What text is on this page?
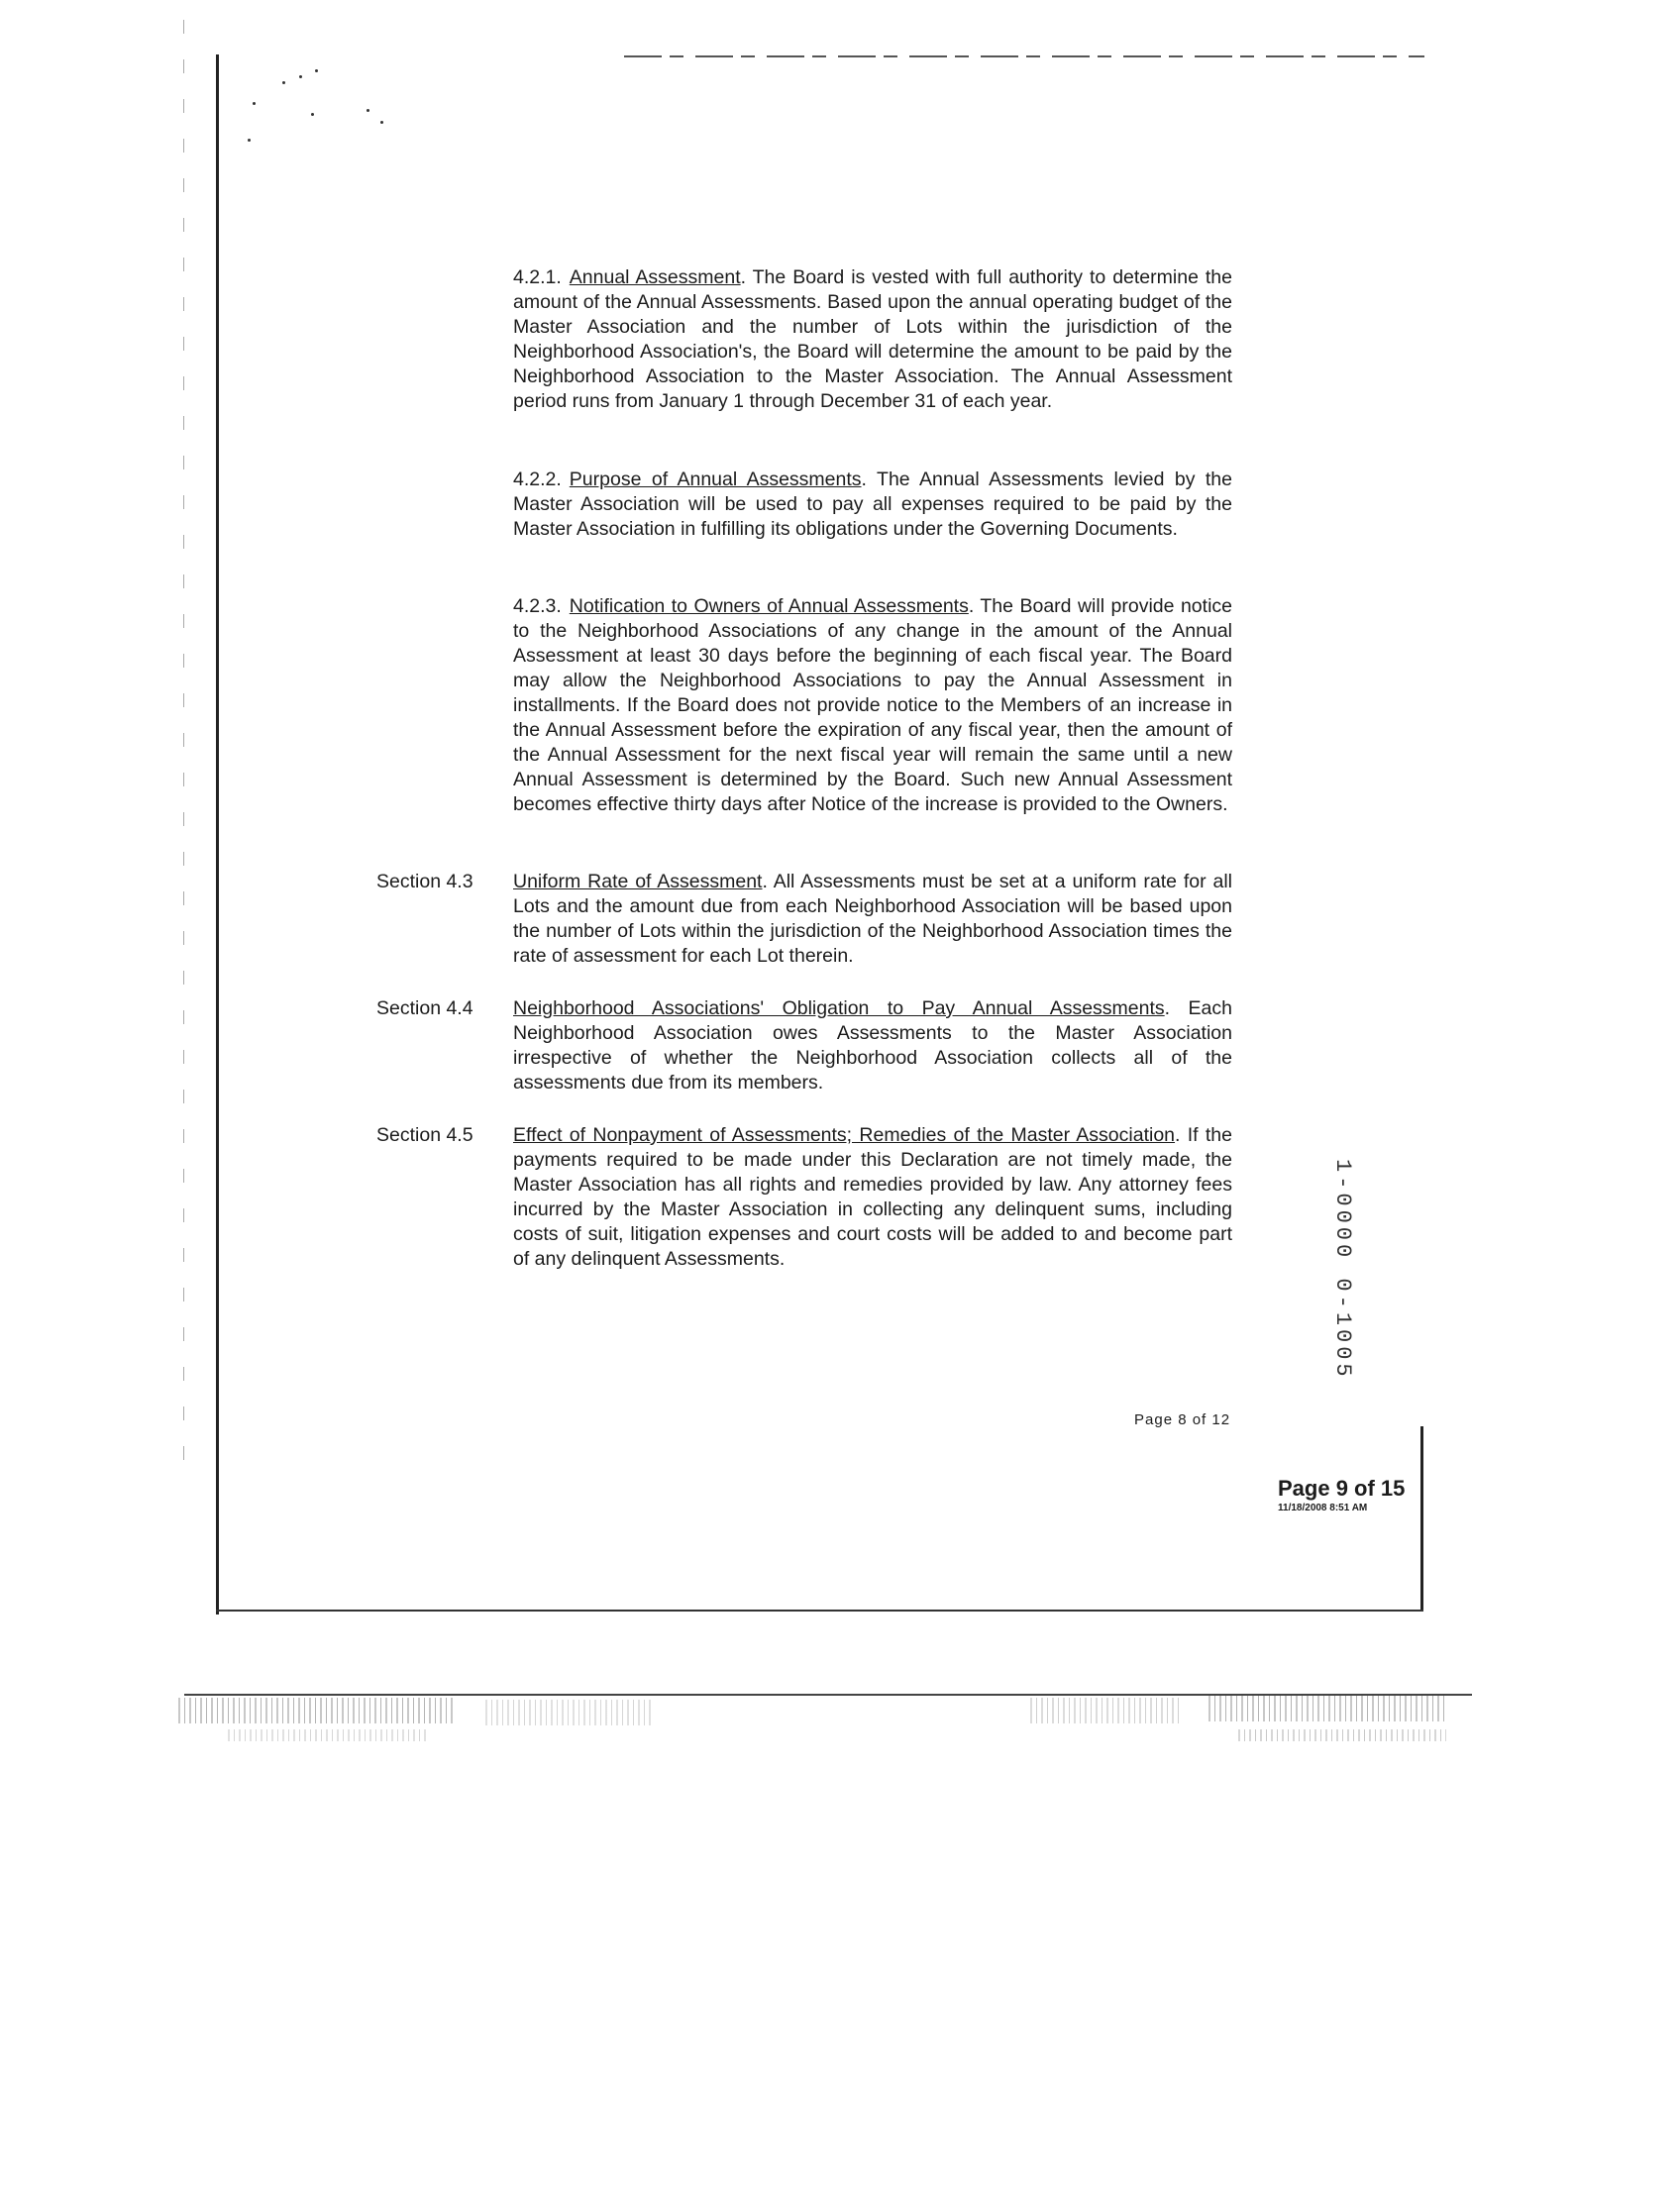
4.2.1. Annual Assessment. The Board is vested with full authority to determine the amount of the Annual Assessments. Based upon the annual operating budget of the Master Association and the number of Lots within the jurisdiction of the Neighborhood Association's, the Board will determine the amount to be paid by the Neighborhood Association to the Master Association. The Annual Assessment period runs from January 1 through December 31 of each year.
4.2.2. Purpose of Annual Assessments. The Annual Assessments levied by the Master Association will be used to pay all expenses required to be paid by the Master Association in fulfilling its obligations under the Governing Documents.
4.2.3. Notification to Owners of Annual Assessments. The Board will provide notice to the Neighborhood Associations of any change in the amount of the Annual Assessment at least 30 days before the beginning of each fiscal year. The Board may allow the Neighborhood Associations to pay the Annual Assessment in installments. If the Board does not provide notice to the Members of an increase in the Annual Assessment before the expiration of any fiscal year, then the amount of the Annual Assessment for the next fiscal year will remain the same until a new Annual Assessment is determined by the Board. Such new Annual Assessment becomes effective thirty days after Notice of the increase is provided to the Owners.
Section 4.3 Uniform Rate of Assessment. All Assessments must be set at a uniform rate for all Lots and the amount due from each Neighborhood Association will be based upon the number of Lots within the jurisdiction of the Neighborhood Association times the rate of assessment for each Lot therein.
Section 4.4 Neighborhood Associations' Obligation to Pay Annual Assessments. Each Neighborhood Association owes Assessments to the Master Association irrespective of whether the Neighborhood Association collects all of the assessments due from its members.
Section 4.5 Effect of Nonpayment of Assessments; Remedies of the Master Association. If the payments required to be made under this Declaration are not timely made, the Master Association has all rights and remedies provided by law. Any attorney fees incurred by the Master Association in collecting any delinquent sums, including costs of suit, litigation expenses and court costs will be added to and become part of any delinquent Assessments.	1-0000 0-1005
Page 8 of 12
Page 9 of 15
11/18/2008 8:51 AM
